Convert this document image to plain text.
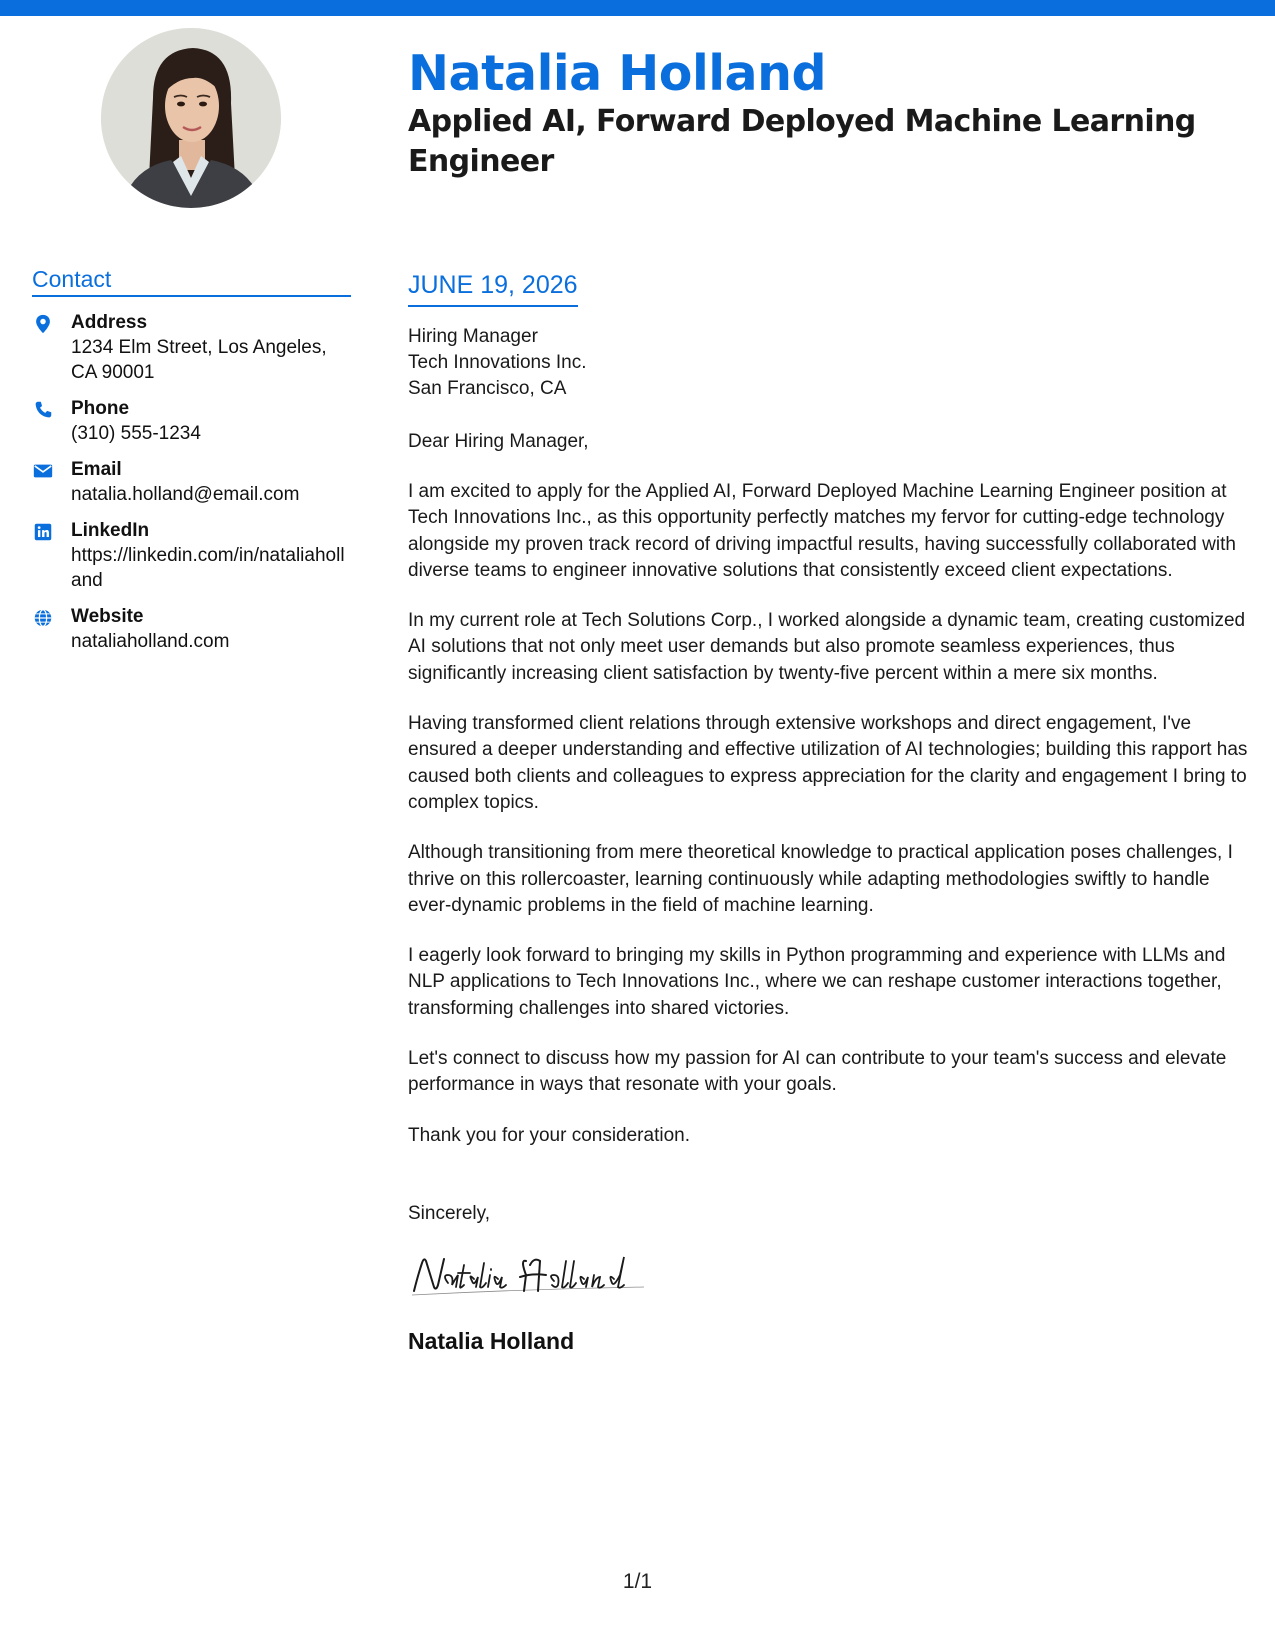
Natalia Holland
Applied AI, Forward Deployed Machine Learning Engineer
Contact
Address
1234 Elm Street, Los Angeles, CA 90001
Phone
(310) 555-1234
Email
natalia.holland@email.com
LinkedIn
https://linkedin.com/in/nataliaholland
Website
nataliaholland.com
JUNE 19, 2026
Hiring Manager
Tech Innovations Inc.
San Francisco, CA
Dear Hiring Manager,

I am excited to apply for the Applied AI, Forward Deployed Machine Learning Engineer position at Tech Innovations Inc., as this opportunity perfectly matches my fervor for cutting-edge technology alongside my proven track record of driving impactful results, having successfully collaborated with diverse teams to engineer innovative solutions that consistently exceed client expectations.

In my current role at Tech Solutions Corp., I worked alongside a dynamic team, creating customized AI solutions that not only meet user demands but also promote seamless experiences, thus significantly increasing client satisfaction by twenty-five percent within a mere six months.

Having transformed client relations through extensive workshops and direct engagement, I've ensured a deeper understanding and effective utilization of AI technologies; building this rapport has caused both clients and colleagues to express appreciation for the clarity and engagement I bring to complex topics.

Although transitioning from mere theoretical knowledge to practical application poses challenges, I thrive on this rollercoaster, learning continuously while adapting methodologies swiftly to handle ever-dynamic problems in the field of machine learning.

I eagerly look forward to bringing my skills in Python programming and experience with LLMs and NLP applications to Tech Innovations Inc., where we can reshape customer interactions together, transforming challenges into shared victories.

Let's connect to discuss how my passion for AI can contribute to your team's success and elevate performance in ways that resonate with your goals.

Thank you for your consideration.

Sincerely,
Natalia Holland
1/1
